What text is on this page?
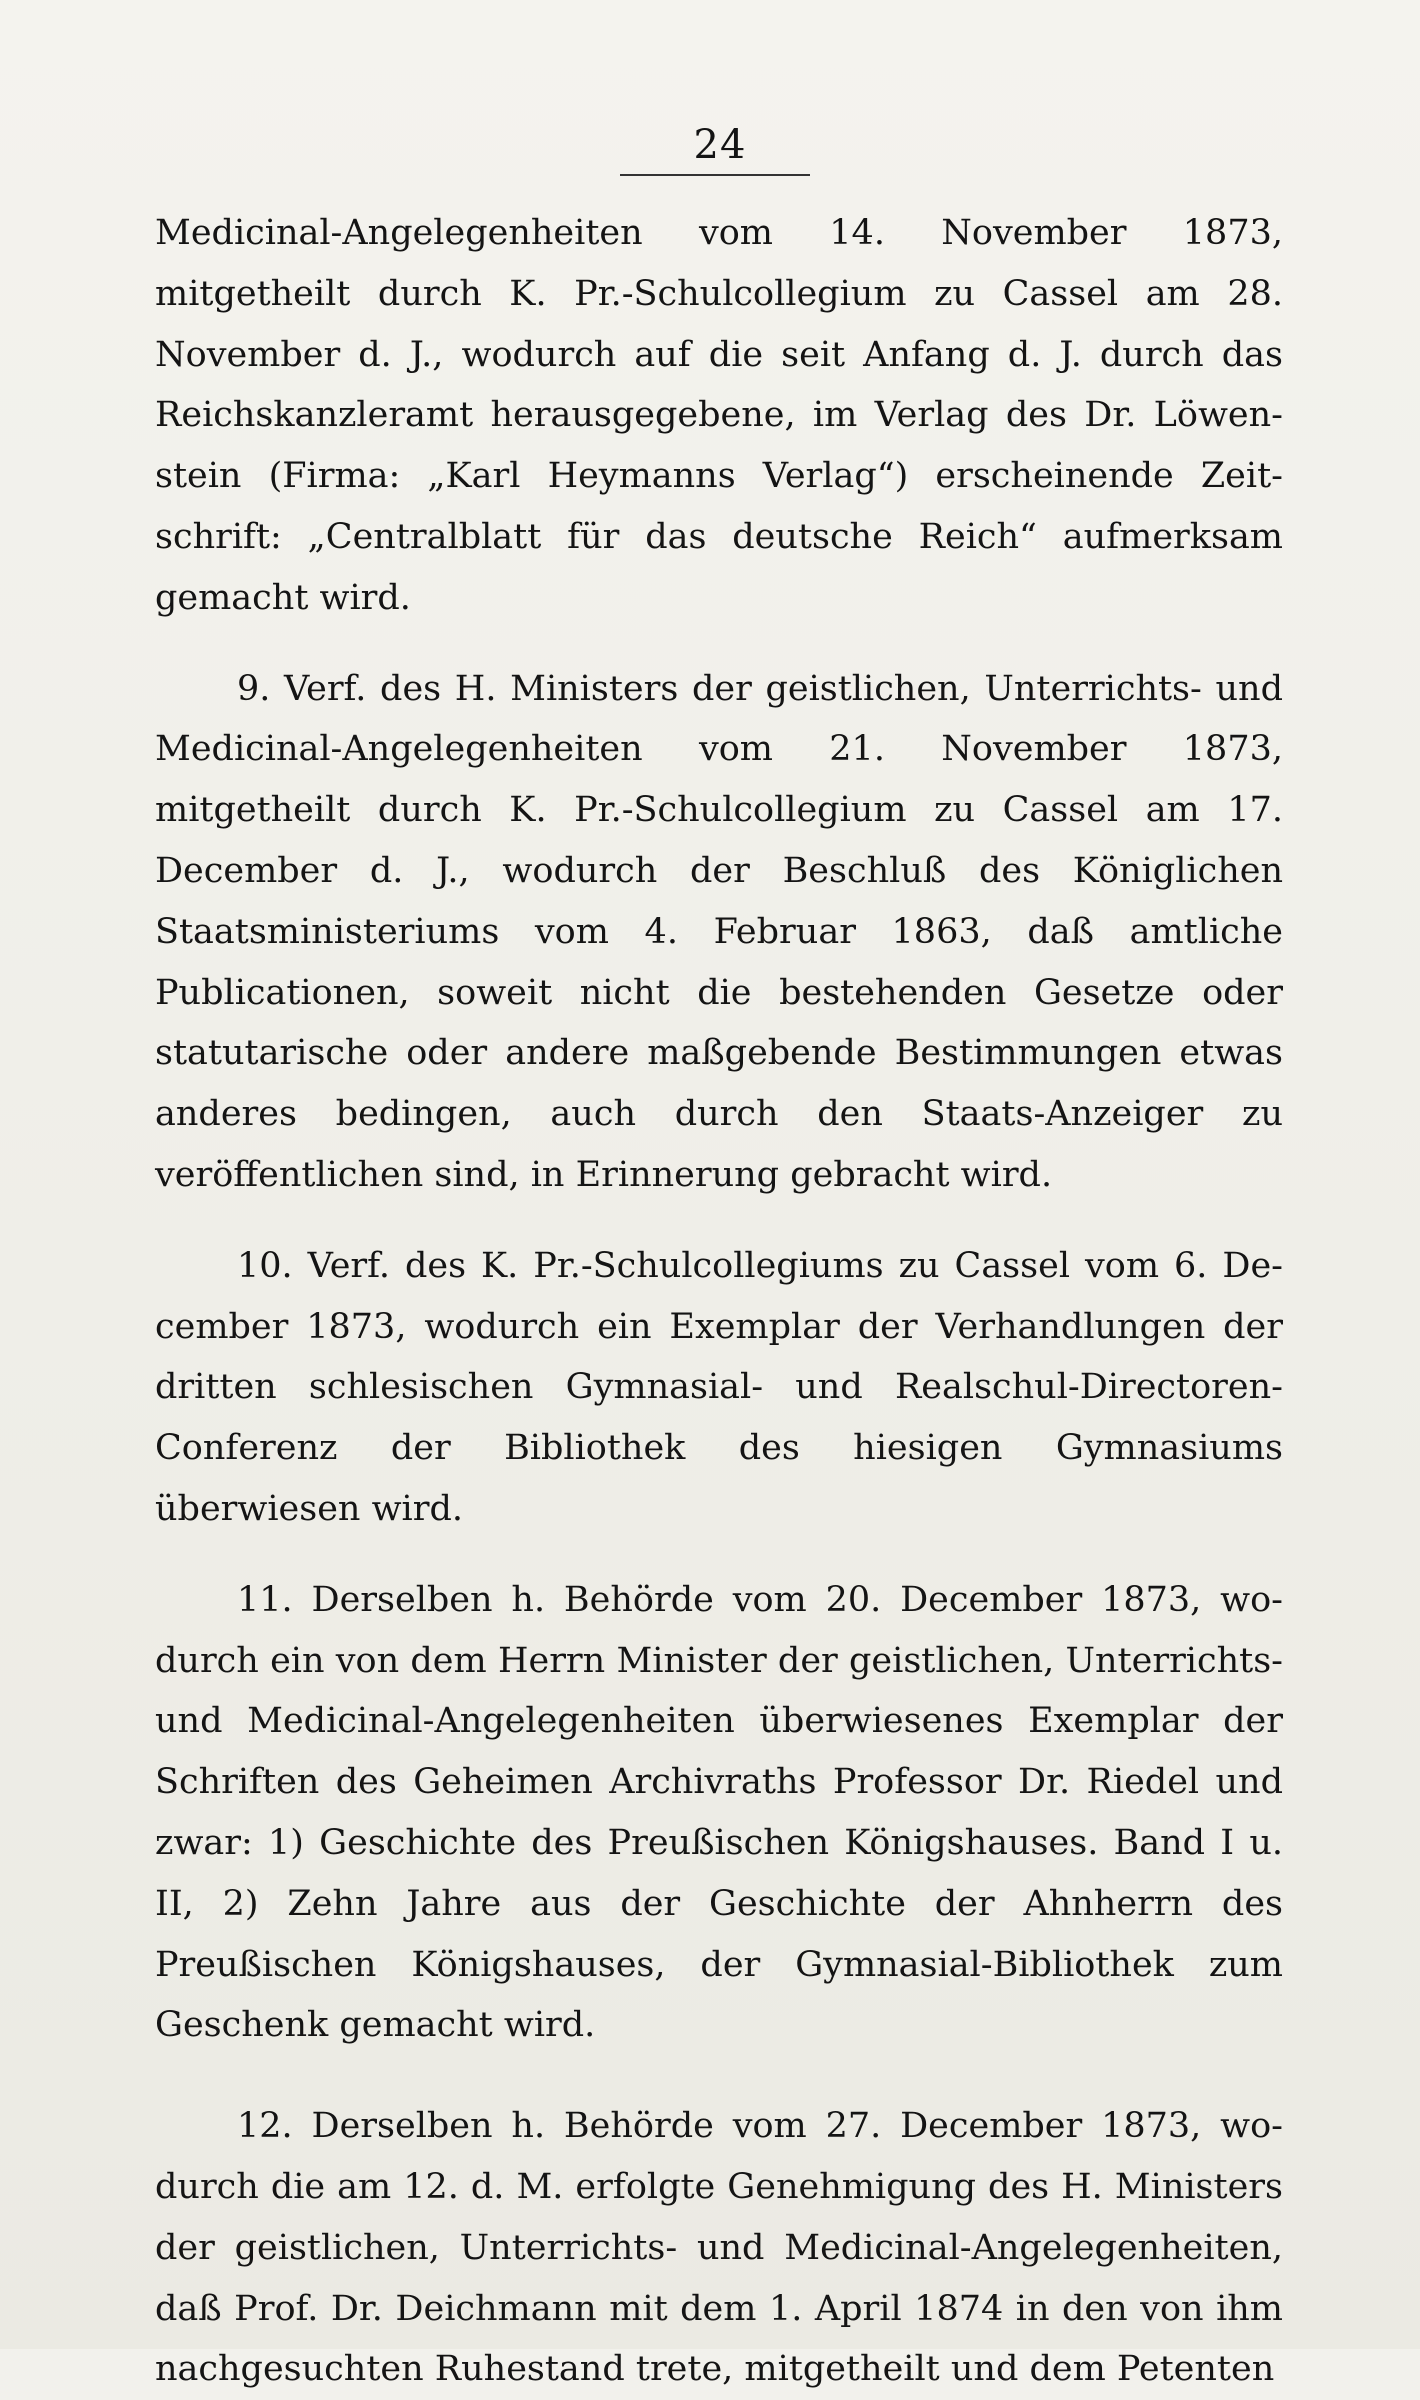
24

Medicinal-Angelegenheiten vom 14. November 1873, mitgetheilt durch K. Pr.-Schulcollegium zu Cassel am 28. November d. J., wodurch auf die seit Anfang d. J. durch das Reichskanzleramt herausgegebene, im Verlag des Dr. Löwenstein (Firma: „Karl Heymanns Verlag“) erscheinende Zeitschrift: „Centralblatt für das deutsche Reich“ aufmerksam gemacht wird.

9. Verf. des H. Ministers der geistlichen, Unterrichts- und Medicinal-Angelegenheiten vom 21. November 1873, mitgetheilt durch K. Pr.-Schulcollegium zu Cassel am 17. December d. J., wodurch der Beschluß des Königlichen Staatsministeriums vom 4. Februar 1863, daß amtliche Publicationen, soweit nicht die bestehenden Gesetze oder statutarische oder andere maßgebende Bestimmungen etwas anderes bedingen, auch durch den Staats-Anzeiger zu veröffentlichen sind, in Erinnerung gebracht wird.

10. Verf. des K. Pr.-Schulcollegiums zu Cassel vom 6. December 1873, wodurch ein Exemplar der Verhandlungen der dritten schlesischen Gymnasial- und Realschul-Directoren-Conferenz der Bibliothek des hiesigen Gymnasiums überwiesen wird.

11. Derselben h. Behörde vom 20. December 1873, wodurch ein von dem Herrn Minister der geistlichen, Unterrichts- und Medicinal-Angelegenheiten überwiesenes Exemplar der Schriften des Geheimen Archivraths Professor Dr. Riedel und zwar: 1) Geschichte des Preußischen Königshauses. Band I u. II, 2) Zehn Jahre aus der Geschichte der Ahnherrn des Preußischen Königshauses, der Gymnasial-Bibliothek zum Geschenk gemacht wird.

12. Derselben h. Behörde vom 27. December 1873, wodurch die am 12. d. M. erfolgte Genehmigung des H. Ministers der geistlichen, Unterrichts- und Medicinal-Angelegenheiten, daß Prof. Dr. Deichmann mit dem 1. April 1874 in den von ihm nachgesuchten Ruhestand trete, mitgetheilt und dem Petenten
